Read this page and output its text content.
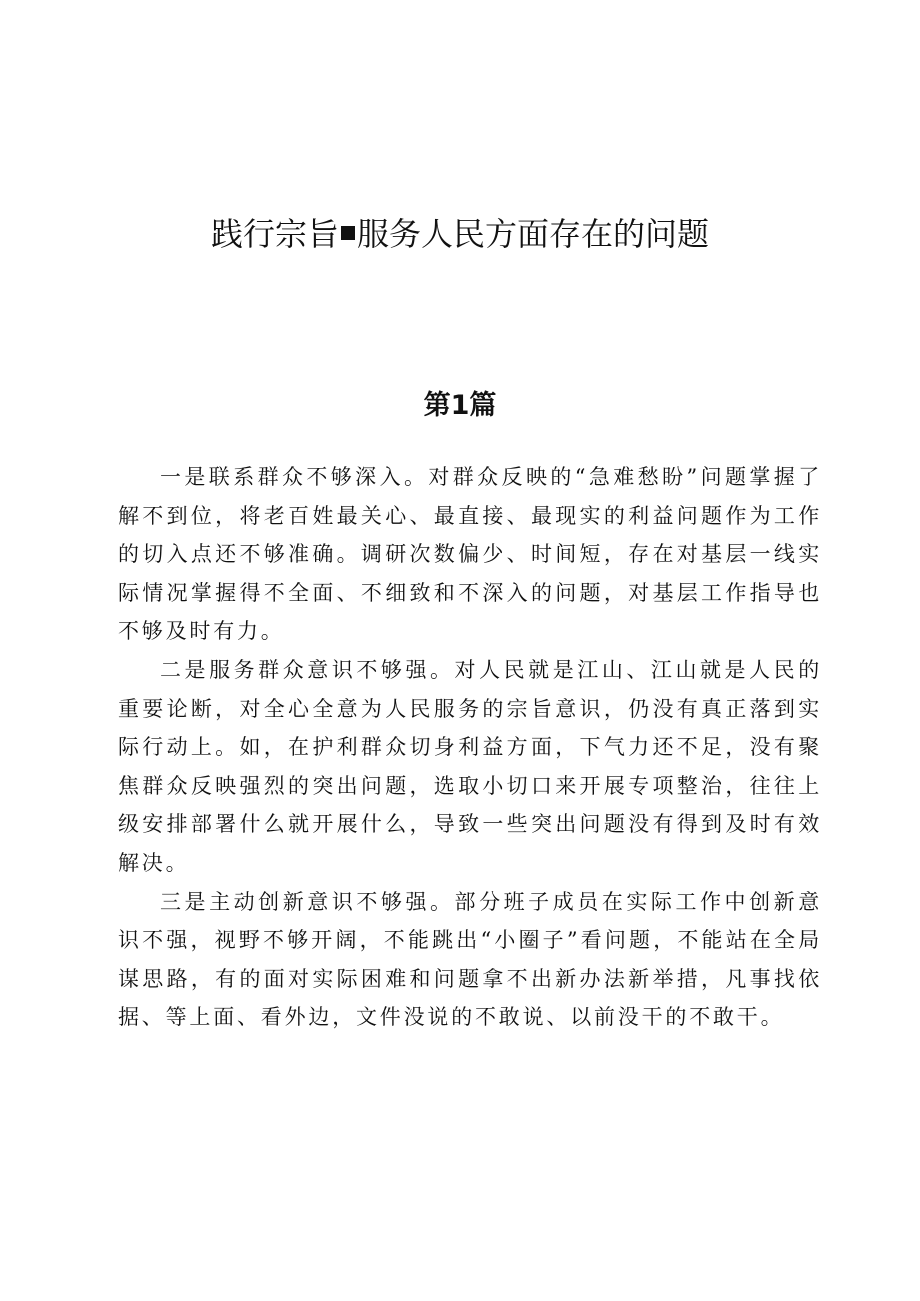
践行宗旨 服务人民方面存在的问题
第1篇

一是联系群众不够深入。对群众反映的“急难愁盼”问题掌握了解不到位，将老百姓最关心、最直接、最现实的利益问题作为工作的切入点还不够准确。调研次数偏少、时间短，存在对基层一线实际情况掌握得不全面、不细致和不深入的问题，对基层工作指导也不够及时有力。

二是服务群众意识不够强。对人民就是江山、江山就是人民的重要论断，对全心全意为人民服务的宗旨意识，仍没有真正落到实际行动上。如，在护利群众切身利益方面，下气力还不足，没有聚焦群众反映强烈的突出问题，选取小切口来开展专项整治，往往上级安排部署什么就开展什么，导致一些突出问题没有得到及时有效解决。

三是主动创新意识不够强。部分班子成员在实际工作中创新意识不强，视野不够开阔，不能跳出“小圈子”看问题，不能站在全局谋思路，有的面对实际困难和问题拿不出新办法新举措，凡事找依据、等上面、看外边，文件没说的不敢说、以前没干的不敢干。
